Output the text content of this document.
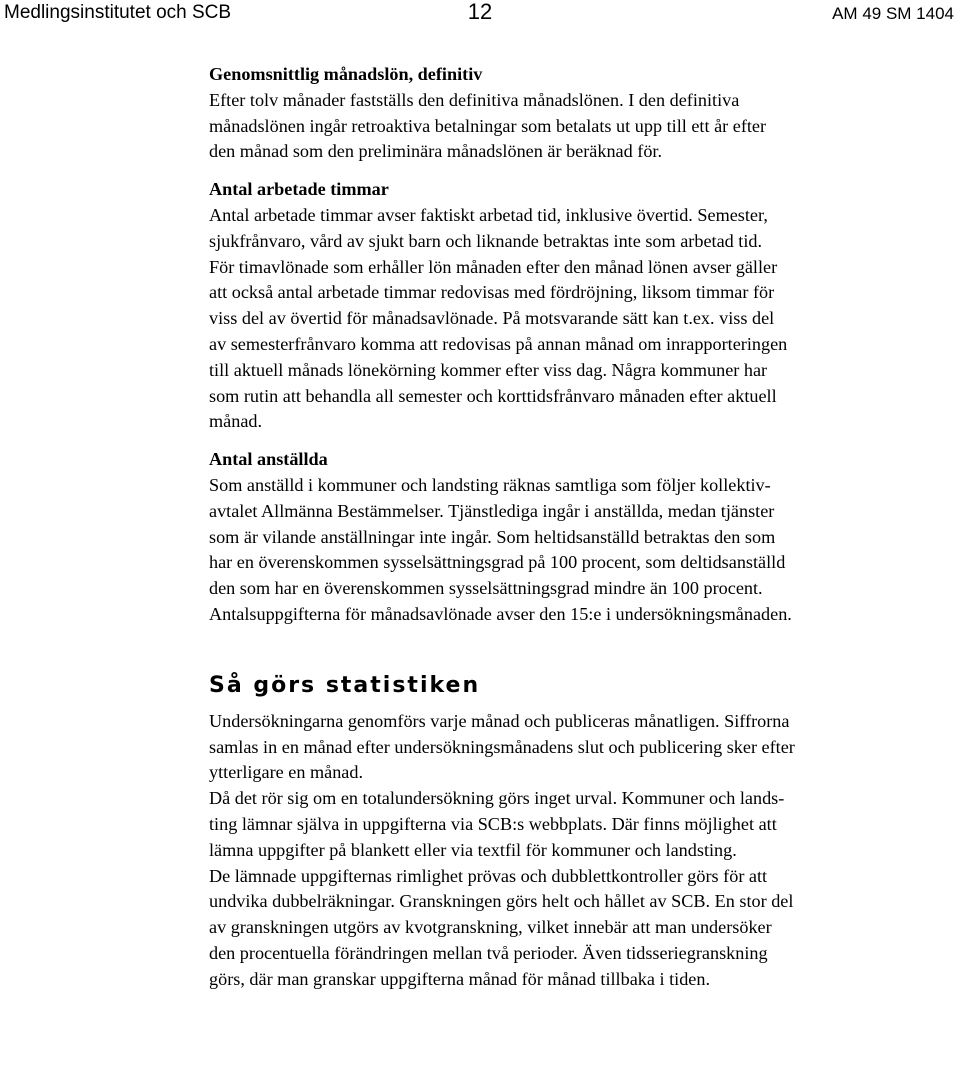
Medlingsinstitutet och SCB	12	AM 49 SM 1404

Genomsnittlig månadslön, definitiv

Efter tolv månader fastställs den definitiva månadslönen. I den definitiva
månadslönen ingår retroaktiva betalningar som betalats ut upp till ett år efter
den månad som den preliminära månadslönen är beräknad för.

Antal arbetade timmar

Antal arbetade timmar avser faktiskt arbetad tid, inklusive övertid. Semester,
sjukfrånvaro, vård av sjukt barn och liknande betraktas inte som arbetad tid.

För timavlönade som erhåller lön månaden efter den månad lönen avser gäller
att också antal arbetade timmar redovisas med fördröjning, liksom timmar för
viss del av övertid för månadsavlönade. På motsvarande sätt kan t.ex. viss del
av semesterfrånvaro komma att redovisas på annan månad om inrapporteringen
till aktuell månads lönekörning kommer efter viss dag. Några kommuner har
som rutin att behandla all semester och korttidsfrånvaro månaden efter aktuell
månad.

Antal anställda

Som anställd i kommuner och landsting räknas samtliga som följer kollektiv-
avtalet Allmänna Bestämmelser. Tjänstlediga ingår i anställda, medan tjänster
som är vilande anställningar inte ingår. Som heltidsanställd betraktas den som
har en överenskommen sysselsättningsgrad på 100 procent, som deltidsanställd
den som har en överenskommen sysselsättningsgrad mindre än 100 procent.
Antalsuppgifterna för månadsavlönade avser den 15:e i undersökningsmånaden.

Så görs statistiken

Undersökningarna genomförs varje månad och publiceras månatligen. Siffrorna
samlas in en månad efter undersökningsmånadens slut och publicering sker efter
ytterligare en månad.

Då det rör sig om en totalundersökning görs inget urval. Kommuner och lands-
ting lämnar själva in uppgifterna via SCB:s webbplats. Där finns möjlighet att
lämna uppgifter på blankett eller via textfil för kommuner och landsting.

De lämnade uppgifternas rimlighet prövas och dubblettkontroller görs för att
undvika dubbelräkningar. Granskningen görs helt och hållet av SCB. En stor del
av granskningen utgörs av kvotgranskning, vilket innebär att man undersöker
den procentuella förändringen mellan två perioder. Även tidsseriegranskning
görs, där man granskar uppgifterna månad för månad tillbaka i tiden.
